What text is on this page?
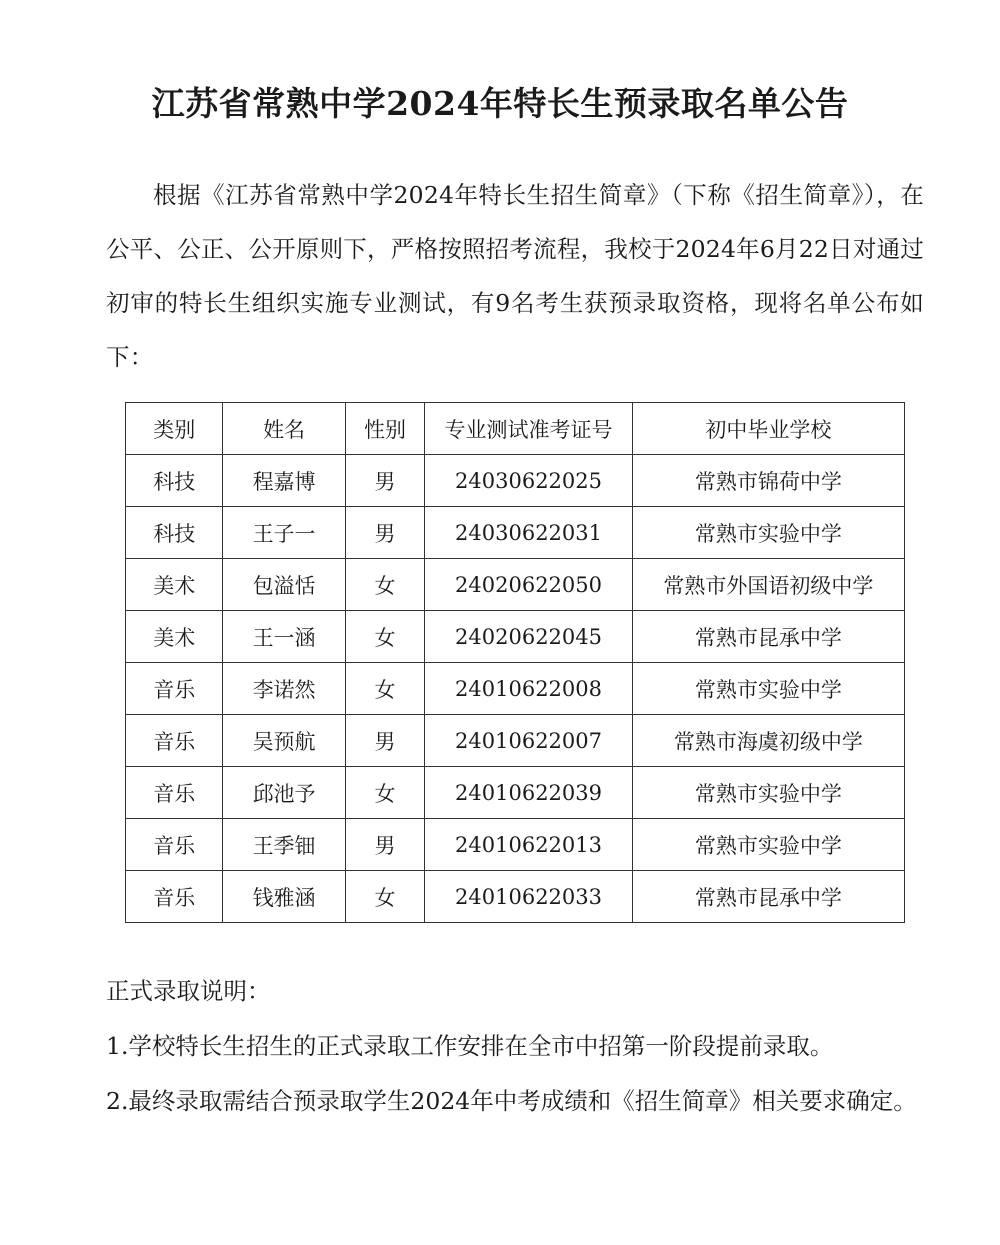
江苏省常熟中学2024年特长生预录取名单公告
根据《江苏省常熟中学2024年特长生招生简章》（下称《招生简章》），在公平、公正、公开原则下，严格按照招考流程，我校于2024年6月22日对通过初审的特长生组织实施专业测试，有9名考生获预录取资格，现将名单公布如下：
类别	姓名	性别	专业测试准考证号	初中毕业学校
科技	程嘉博	男	24030622025	常熟市锦荷中学
科技	王子一	男	24030622031	常熟市实验中学
美术	包溢恬	女	24020622050	常熟市外国语初级中学
美术	王一涵	女	24020622045	常熟市昆承中学
音乐	李诺然	女	24010622008	常熟市实验中学
音乐	吴预航	男	24010622007	常熟市海虞初级中学
音乐	邱池予	女	24010622039	常熟市实验中学
音乐	王季钿	男	24010622013	常熟市实验中学
音乐	钱雅涵	女	24010622033	常熟市昆承中学

正式录取说明：

1.学校特长生招生的正式录取工作安排在全市中招第一阶段提前录取。

2.最终录取需结合预录取学生2024年中考成绩和《招生简章》相关要求确定。
